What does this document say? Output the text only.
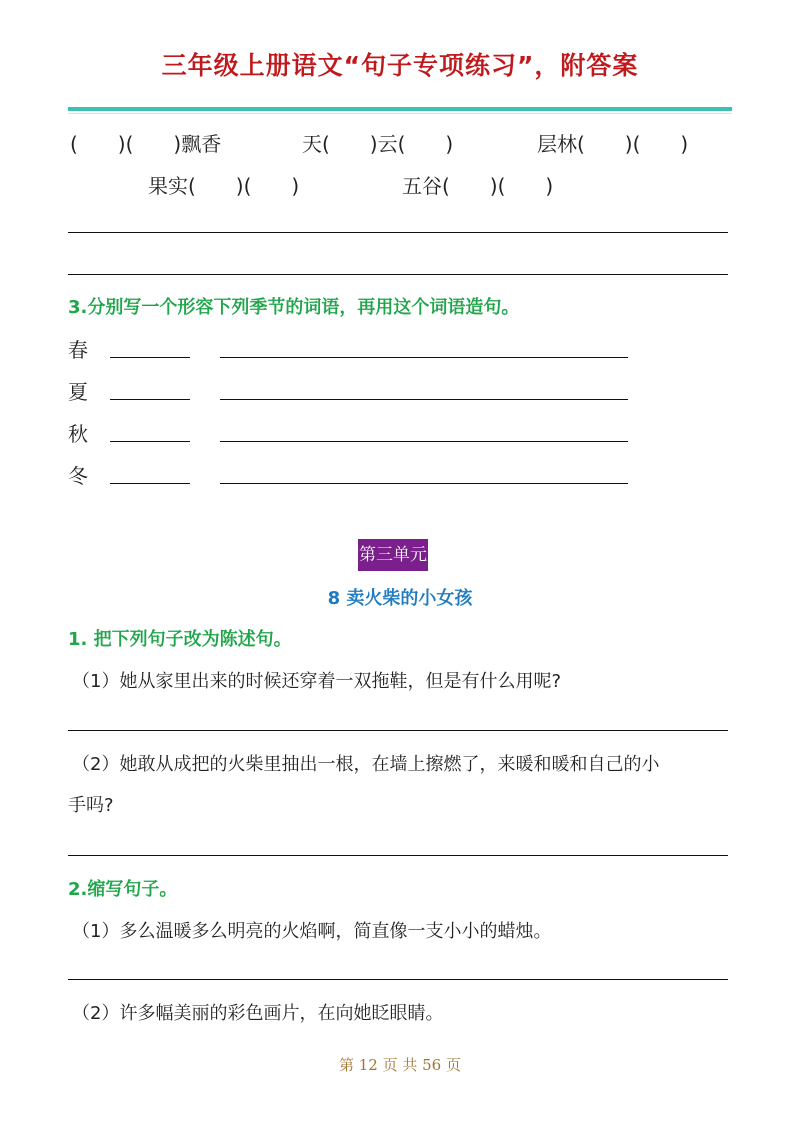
三年级上册语文“句子专项练习”，附答案
(　　)(　　)飘香	天(　　)云(　　)	层林(　　)(　　)
果实(　　)(　　)	五谷(　　)(　　)
3.分别写一个形容下列季节的词语，再用这个词语造句。
春
夏
秋
冬
第三单元
8 卖火柴的小女孩
1. 把下列句子改为陈述句。
（1）她从家里出来的时候还穿着一双拖鞋，但是有什么用呢?
（2）她敢从成把的火柴里抽出一根，在墙上擦燃了，来暖和暖和自己的小
手吗?
2.缩写句子。
（1）多么温暖多么明亮的火焰啊，简直像一支小小的蜡烛。
（2）许多幅美丽的彩色画片，在向她眨眼睛。
第 12 页 共 56 页
